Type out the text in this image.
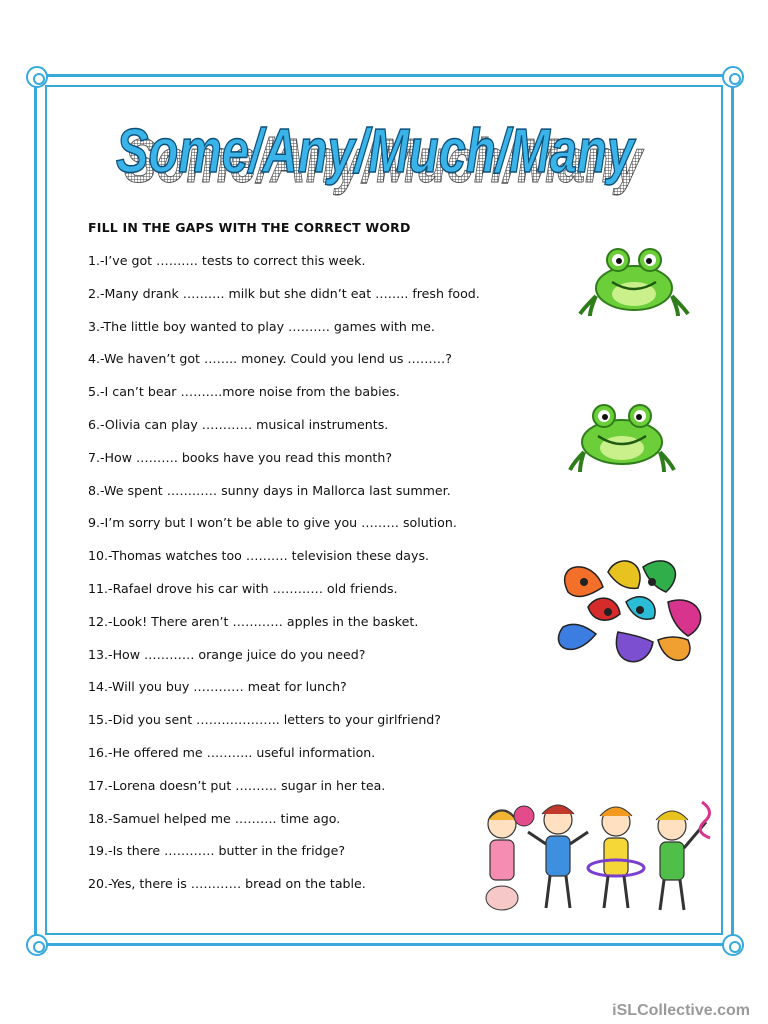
Some/Any/Much/Many
Some/Any/Much/Many
FILL IN THE GAPS WITH THE CORRECT WORD
1.-I’ve got ………. tests to correct this week.
2.-Many drank ………. milk but she didn’t eat …….. fresh food.
3.-The little boy wanted to play ………. games with me.
4.-We haven’t got …….. money. Could you lend us ………?
5.-I can’t bear ……….more noise from the babies.
6.-Olivia can play ………… musical instruments.
7.-How ………. books have you read this month?
8.-We spent ………… sunny days in Mallorca last summer.
9.-I’m sorry but I won’t be able to give you ……… solution.
10.-Thomas watches too ………. television these days.
11.-Rafael drove his car with ………… old friends.
12.-Look! There aren’t ………… apples in the basket.
13.-How ………… orange juice do you need?
14.-Will you buy ………… meat for lunch?
15.-Did you sent ……………….. letters to your girlfriend?
16.-He offered me ……….. useful information.
17.-Lorena doesn’t put ………. sugar in her tea.
18.-Samuel helped me ………. time ago.
19.-Is there ………… butter in the fridge?
20.-Yes, there is ………… bread on the table.
iSLCollective.com
